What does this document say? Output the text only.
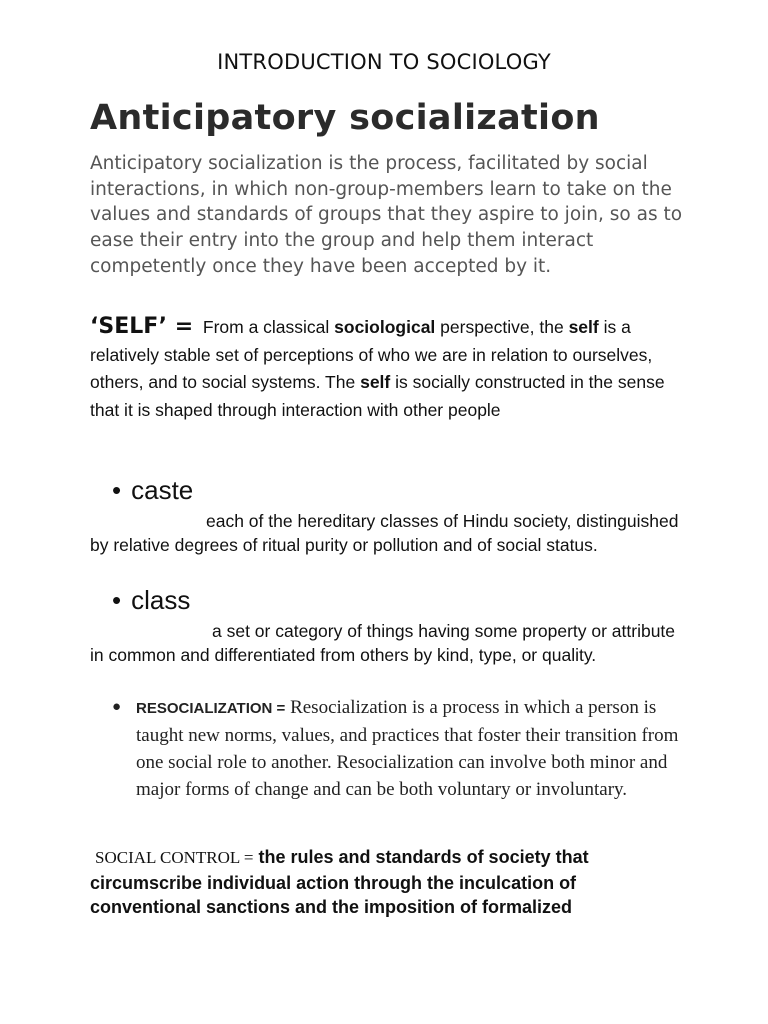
INTRODUCTION TO SOCIOLOGY
Anticipatory socialization
Anticipatory socialization is the process, facilitated by social interactions, in which non-group-members learn to take on the values and standards of groups that they aspire to join, so as to ease their entry into the group and help them interact competently once they have been accepted by it.
‘SELF’ = From a classical sociological perspective, the self is a relatively stable set of perceptions of who we are in relation to ourselves, others, and to social systems. The self is socially constructed in the sense that it is shaped through interaction with other people
• caste
each of the hereditary classes of Hindu society, distinguished by relative degrees of ritual purity or pollution and of social status.
• class
a set or category of things having some property or attribute in common and differentiated from others by kind, type, or quality.
● RESOCIALIZATION = Resocialization is a process in which a person is taught new norms, values, and practices that foster their transition from one social role to another. Resocialization can involve both minor and major forms of change and can be both voluntary or involuntary.
SOCIAL CONTROL = the rules and standards of society that circumscribe individual action through the inculcation of conventional sanctions and the imposition of formalized
